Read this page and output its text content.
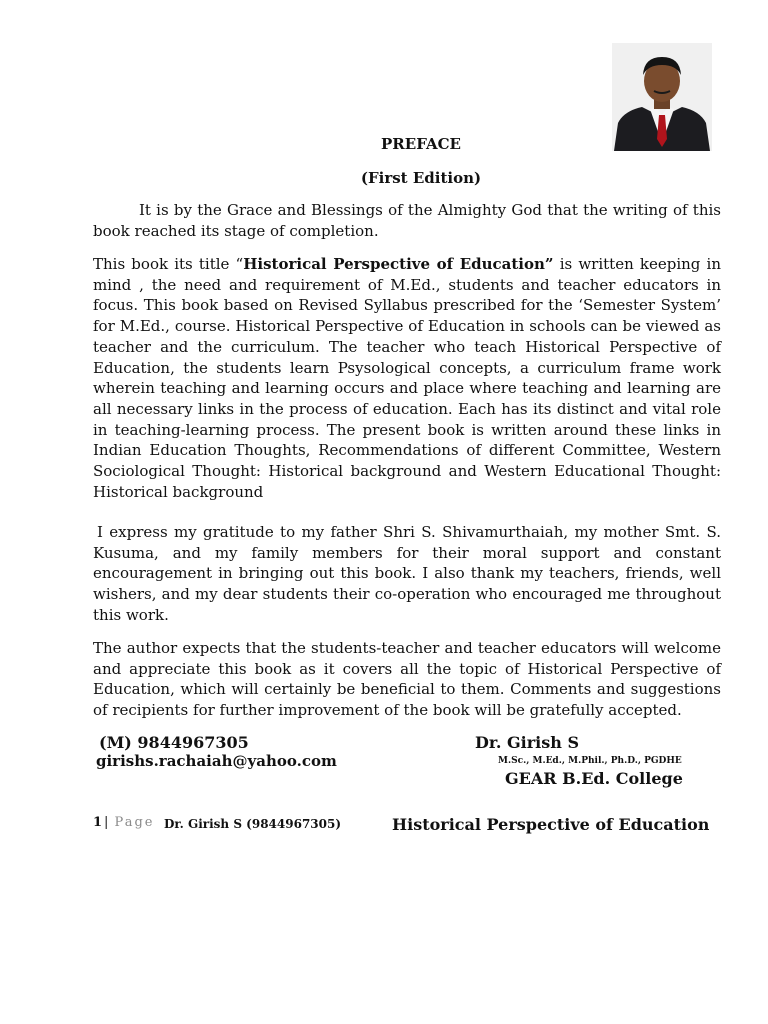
PREFACE
(First Edition)
It is by the Grace and Blessings of the Almighty God that the writing of this book reached its stage of completion.
This book its title “Historical Perspective of Education” is written keeping in mind , the need and requirement of M.Ed., students and teacher educators in focus. This book based on Revised Syllabus prescribed for the ‘Semester System’ for M.Ed., course. Historical Perspective of Education in schools can be viewed as teacher and the curriculum. The teacher who teach Historical Perspective of Education, the students learn Psysological concepts, a curriculum frame work wherein teaching and learning occurs and place where teaching and learning are all necessary links in the process of education. Each has its distinct and vital role in teaching-learning process. The present book is written around these links in Indian Education Thoughts, Recommendations of different Committee, Western Sociological Thought: Historical background and Western Educational Thought: Historical background
I express my gratitude to my father Shri S. Shivamurthaiah, my mother Smt. S. Kusuma, and my family members for their moral support and constant encouragement in bringing out this book. I also thank my teachers, friends, well wishers, and my dear students their co-operation who encouraged me throughout this work.
The author expects that the students-teacher and teacher educators will welcome and appreciate this book as it covers all the topic of Historical Perspective of Education, which will certainly be beneficial to them. Comments and suggestions of recipients for further improvement of the book will be gratefully accepted.
(M) 9844967305
girishs.rachaiah@yahoo.com
Dr. Girish S
M.Sc., M.Ed., M.Phil., Ph.D., PGDHE
GEAR B.Ed. College
1 | Page Dr. Girish S (9844967305)	Historical Perspective of Education
